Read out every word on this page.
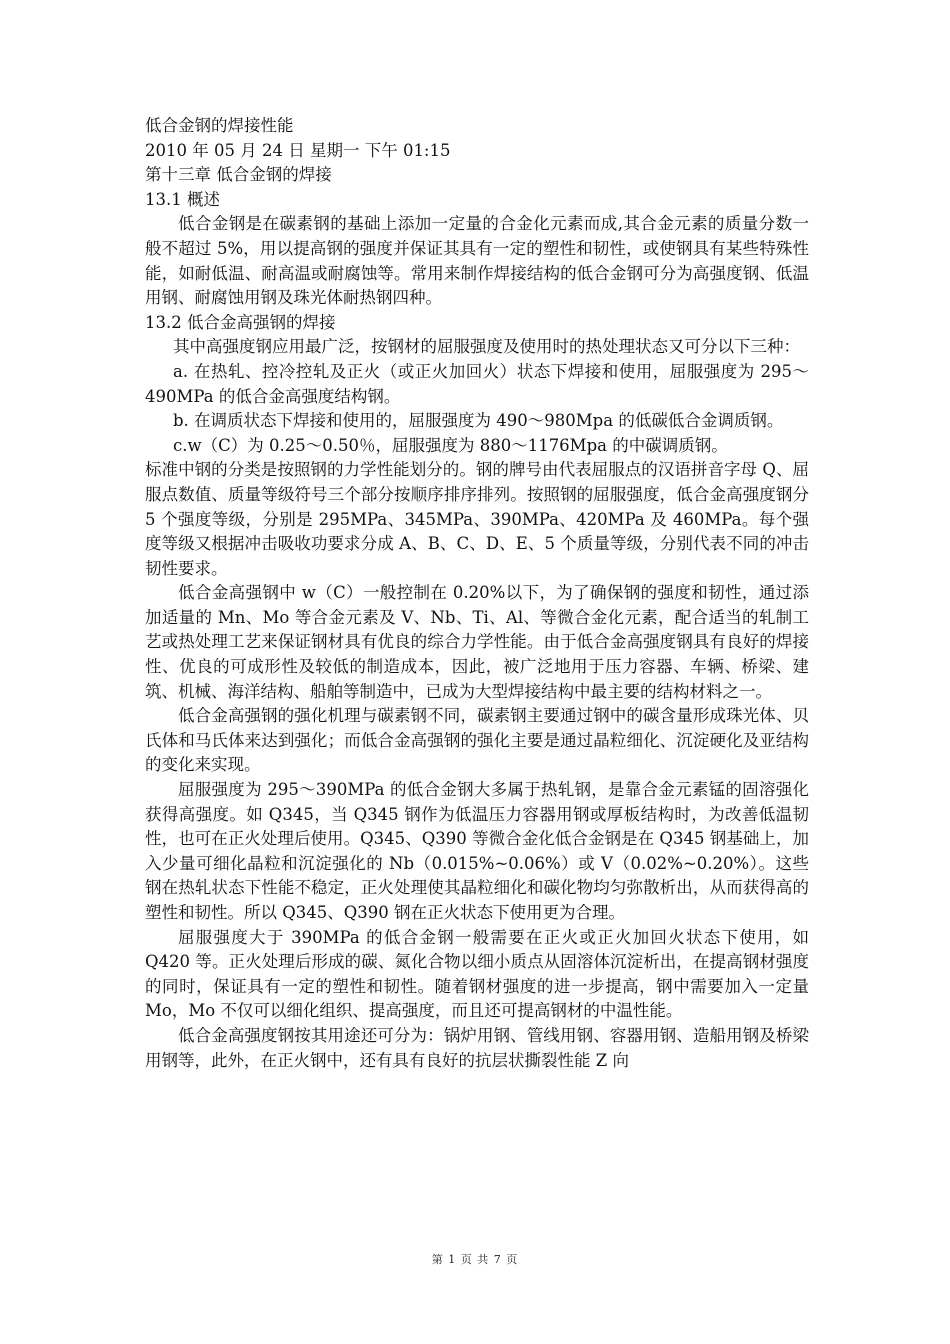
低合金钢的焊接性能

2010 年 05 月 24 日 星期一 下午 01:15

第十三章 低合金钢的焊接

13.1 概述

低合金钢是在碳素钢的基础上添加一定量的合金化元素而成,其合金元素的质量分数一般不超过 5%，用以提高钢的强度并保证其具有一定的塑性和韧性，或使钢具有某些特殊性能，如耐低温、耐高温或耐腐蚀等。常用来制作焊接结构的低合金钢可分为高强度钢、低温用钢、耐腐蚀用钢及珠光体耐热钢四种。

13.2 低合金高强钢的焊接

其中高强度钢应用最广泛，按钢材的屈服强度及使用时的热处理状态又可分以下三种：

a. 在热轧、控冷控轧及正火（或正火加回火）状态下焊接和使用，屈服强度为 295～490MPa 的低合金高强度结构钢。

b. 在调质状态下焊接和使用的，屈服强度为 490～980Mpa 的低碳低合金调质钢。

c.w（C）为 0.25～0.50％，屈服强度为 880～1176Mpa 的中碳调质钢。

标准中钢的分类是按照钢的力学性能划分的。钢的牌号由代表屈服点的汉语拼音字母 Q、屈服点数值、质量等级符号三个部分按顺序排序排列。按照钢的屈服强度，低合金高强度钢分 5 个强度等级，分别是 295MPa、345MPa、390MPa、420MPa 及 460MPa。每个强度等级又根据冲击吸收功要求分成 A、B、C、D、E、5 个质量等级，分别代表不同的冲击韧性要求。

低合金高强钢中 w（C）一般控制在 0.20%以下，为了确保钢的强度和韧性，通过添加适量的 Mn、Mo 等合金元素及 V、Nb、Ti、Al、等微合金化元素，配合适当的轧制工艺或热处理工艺来保证钢材具有优良的综合力学性能。由于低合金高强度钢具有良好的焊接性、优良的可成形性及较低的制造成本，因此，被广泛地用于压力容器、车辆、桥梁、建筑、机械、海洋结构、船舶等制造中，已成为大型焊接结构中最主要的结构材料之一。

低合金高强钢的强化机理与碳素钢不同，碳素钢主要通过钢中的碳含量形成珠光体、贝氏体和马氏体来达到强化；而低合金高强钢的强化主要是通过晶粒细化、沉淀硬化及亚结构的变化来实现。

屈服强度为 295～390MPa 的低合金钢大多属于热轧钢，是靠合金元素锰的固溶强化获得高强度。如 Q345，当 Q345 钢作为低温压力容器用钢或厚板结构时，为改善低温韧性，也可在正火处理后使用。Q345、Q390 等微合金化低合金钢是在 Q345 钢基础上，加入少量可细化晶粒和沉淀强化的 Nb（0.015%~0.06%）或 V（0.02%~0.20%）。这些钢在热轧状态下性能不稳定，正火处理使其晶粒细化和碳化物均匀弥散析出，从而获得高的塑性和韧性。所以 Q345、Q390 钢在正火状态下使用更为合理。

屈服强度大于 390MPa 的低合金钢一般需要在正火或正火加回火状态下使用，如 Q420 等。正火处理后形成的碳、氮化合物以细小质点从固溶体沉淀析出，在提高钢材强度的同时，保证具有一定的塑性和韧性。随着钢材强度的进一步提高，钢中需要加入一定量 Mo，Mo 不仅可以细化组织、提高强度，而且还可提高钢材的中温性能。

低合金高强度钢按其用途还可分为：锅炉用钢、管线用钢、容器用钢、造船用钢及桥梁用钢等，此外，在正火钢中，还有具有良好的抗层状撕裂性能 Z 向

第 1 页 共 7 页
